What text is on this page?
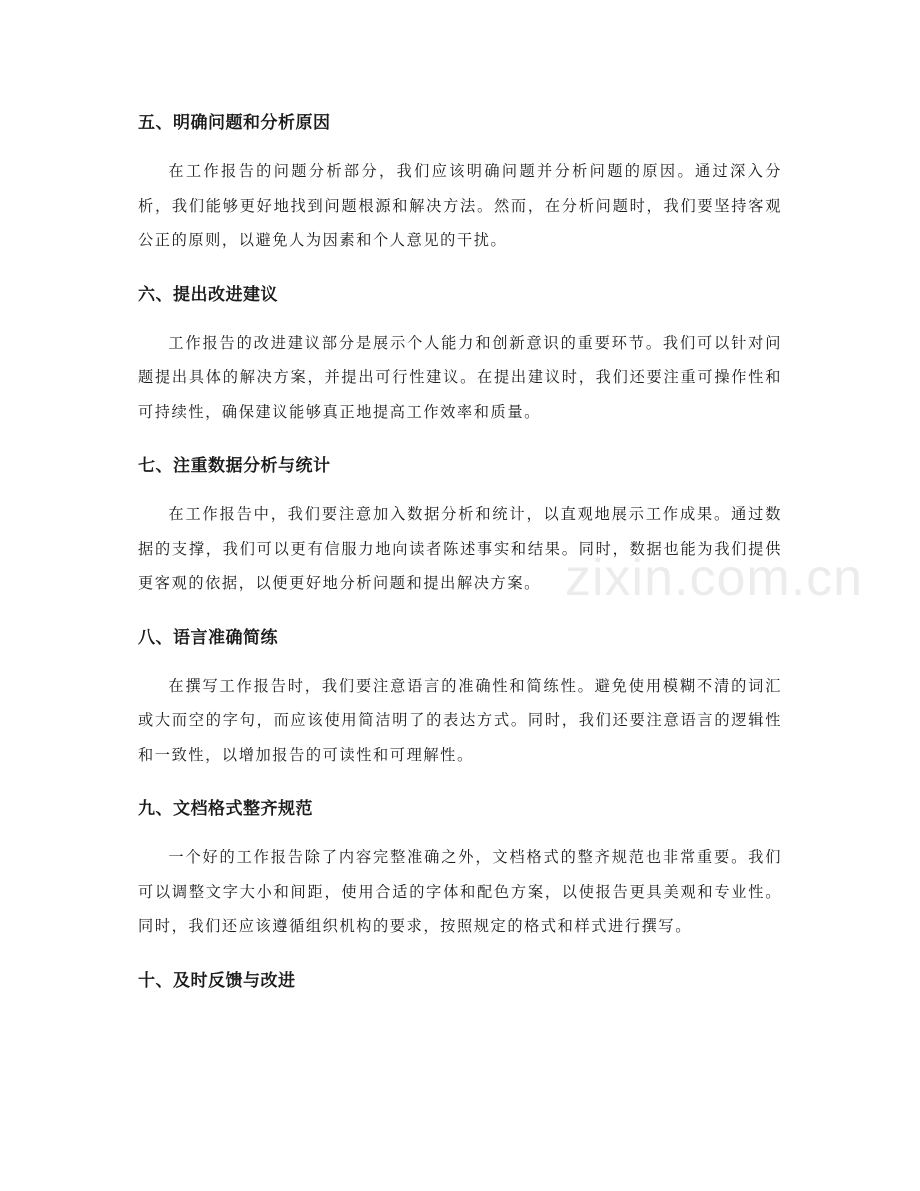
五、明确问题和分析原因

在工作报告的问题分析部分，我们应该明确问题并分析问题的原因。通过深入分析，我们能够更好地找到问题根源和解决方法。然而，在分析问题时，我们要坚持客观公正的原则，以避免人为因素和个人意见的干扰。

六、提出改进建议

工作报告的改进建议部分是展示个人能力和创新意识的重要环节。我们可以针对问题提出具体的解决方案，并提出可行性建议。在提出建议时，我们还要注重可操作性和可持续性，确保建议能够真正地提高工作效率和质量。

七、注重数据分析与统计

在工作报告中，我们要注意加入数据分析和统计，以直观地展示工作成果。通过数据的支撑，我们可以更有信服力地向读者陈述事实和结果。同时，数据也能为我们提供更客观的依据，以便更好地分析问题和提出解决方案。

八、语言准确简练

在撰写工作报告时，我们要注意语言的准确性和简练性。避免使用模糊不清的词汇或大而空的字句，而应该使用简洁明了的表达方式。同时，我们还要注意语言的逻辑性和一致性，以增加报告的可读性和可理解性。

九、文档格式整齐规范

一个好的工作报告除了内容完整准确之外，文档格式的整齐规范也非常重要。我们可以调整文字大小和间距，使用合适的字体和配色方案，以使报告更具美观和专业性。同时，我们还应该遵循组织机构的要求，按照规定的格式和样式进行撰写。

十、及时反馈与改进
zixin.com.cn
